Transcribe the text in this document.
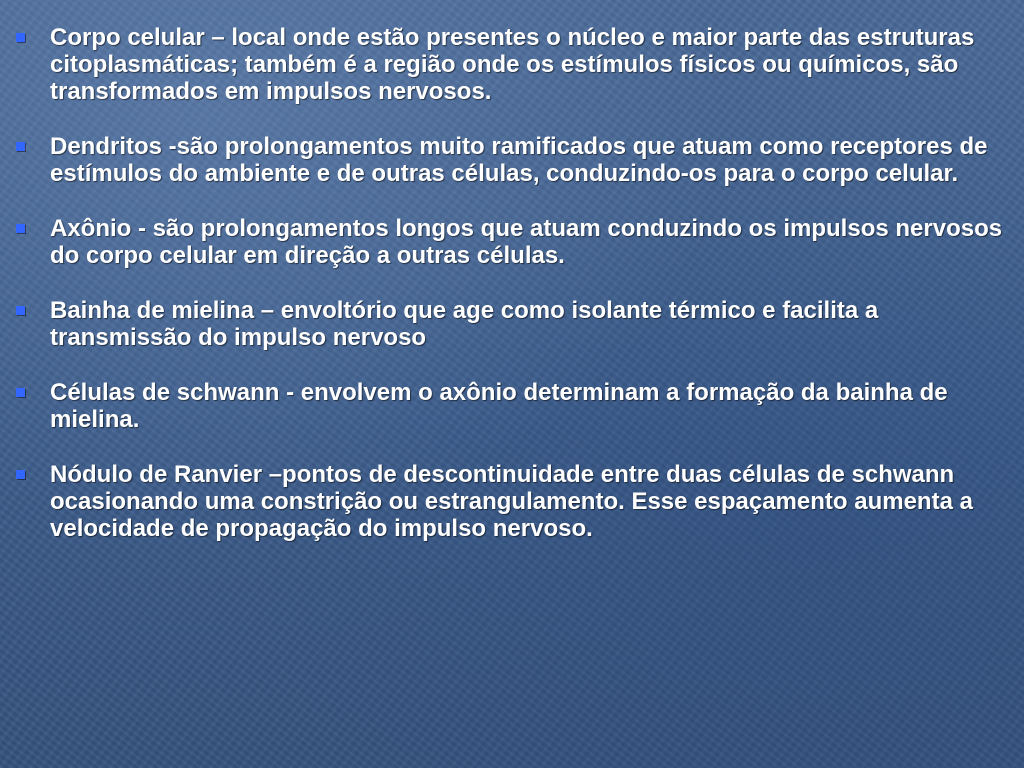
Corpo celular – local onde estão presentes o núcleo e maior parte das estruturas citoplasmáticas; também é a região onde os estímulos físicos ou químicos, são transformados em impulsos nervosos.
Dendritos -são prolongamentos muito ramificados que atuam como receptores de estímulos do ambiente e de outras células, conduzindo-os para o corpo celular.
Axônio - são prolongamentos longos que atuam conduzindo os impulsos nervosos do corpo celular em direção a outras células.
Bainha de mielina – envoltório que age como isolante térmico e facilita a transmissão do impulso nervoso
Células de schwann - envolvem o axônio determinam a formação da bainha de mielina.
Nódulo de Ranvier –pontos de descontinuidade entre duas células de schwann ocasionando uma constrição ou estrangulamento. Esse espaçamento aumenta a velocidade de propagação do impulso nervoso.
